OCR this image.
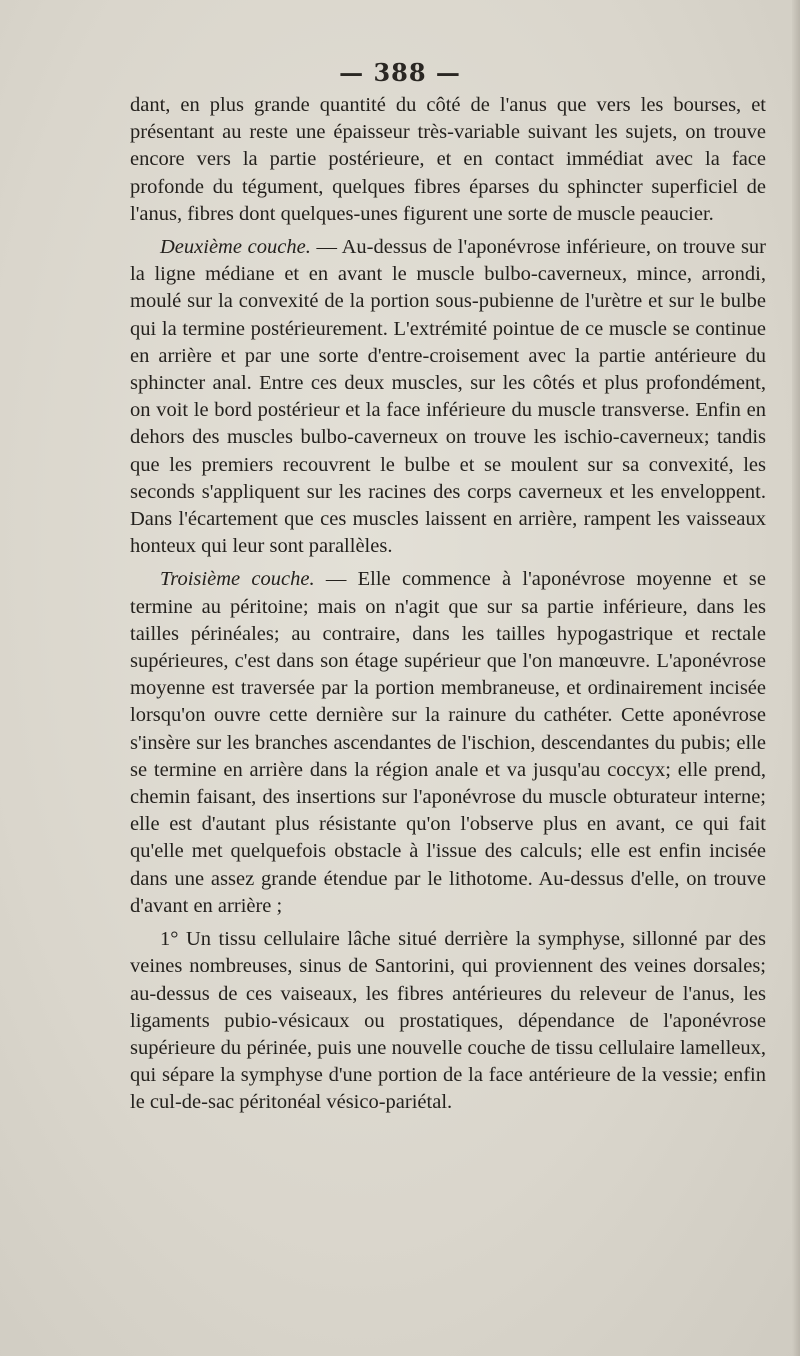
— 388 —

dant, en plus grande quantité du côté de l'anus que vers les bourses, et présentant au reste une épaisseur très-variable suivant les sujets, on trouve encore vers la partie postérieure, et en contact immédiat avec la face profonde du tégument, quelques fibres éparses du sphincter superficiel de l'anus, fibres dont quelques-unes figurent une sorte de muscle peaucier.

Deuxième couche. — Au-dessus de l'aponévrose inférieure, on trouve sur la ligne médiane et en avant le muscle bulbo-caverneux, mince, arrondi, moulé sur la convexité de la portion sous-pubienne de l'urètre et sur le bulbe qui la termine postérieurement. L'extrémité pointue de ce muscle se continue en arrière et par une sorte d'entre-croisement avec la partie antérieure du sphincter anal. Entre ces deux muscles, sur les côtés et plus profondément, on voit le bord postérieur et la face inférieure du muscle transverse. Enfin en dehors des muscles bulbo-caverneux on trouve les ischio-caverneux; tandis que les premiers recouvrent le bulbe et se moulent sur sa convexité, les seconds s'appliquent sur les racines des corps caverneux et les enveloppent. Dans l'écartement que ces muscles laissent en arrière, rampent les vaisseaux honteux qui leur sont parallèles.

Troisième couche. — Elle commence à l'aponévrose moyenne et se termine au péritoine; mais on n'agit que sur sa partie inférieure, dans les tailles périnéales; au contraire, dans les tailles hypogastrique et rectale supérieures, c'est dans son étage supérieur que l'on manœuvre. L'aponévrose moyenne est traversée par la portion membraneuse, et ordinairement incisée lorsqu'on ouvre cette dernière sur la rainure du cathéter. Cette aponévrose s'insère sur les branches ascendantes de l'ischion, descendantes du pubis; elle se termine en arrière dans la région anale et va jusqu'au coccyx; elle prend, chemin faisant, des insertions sur l'aponévrose du muscle obturateur interne; elle est d'autant plus résistante qu'on l'observe plus en avant, ce qui fait qu'elle met quelquefois obstacle à l'issue des calculs; elle est enfin incisée dans une assez grande étendue par le lithotome. Au-dessus d'elle, on trouve d'avant en arrière ;

1° Un tissu cellulaire lâche situé derrière la symphyse, sillonné par des veines nombreuses, sinus de Santorini, qui proviennent des veines dorsales; au-dessus de ces vaiseaux, les fibres antérieures du releveur de l'anus, les ligaments pubio-vésicaux ou prostatiques, dépendance de l'aponévrose supérieure du périnée, puis une nouvelle couche de tissu cellulaire lamelleux, qui sépare la symphyse d'une portion de la face antérieure de la vessie; enfin le cul-de-sac péritonéal vésico-pariétal.
